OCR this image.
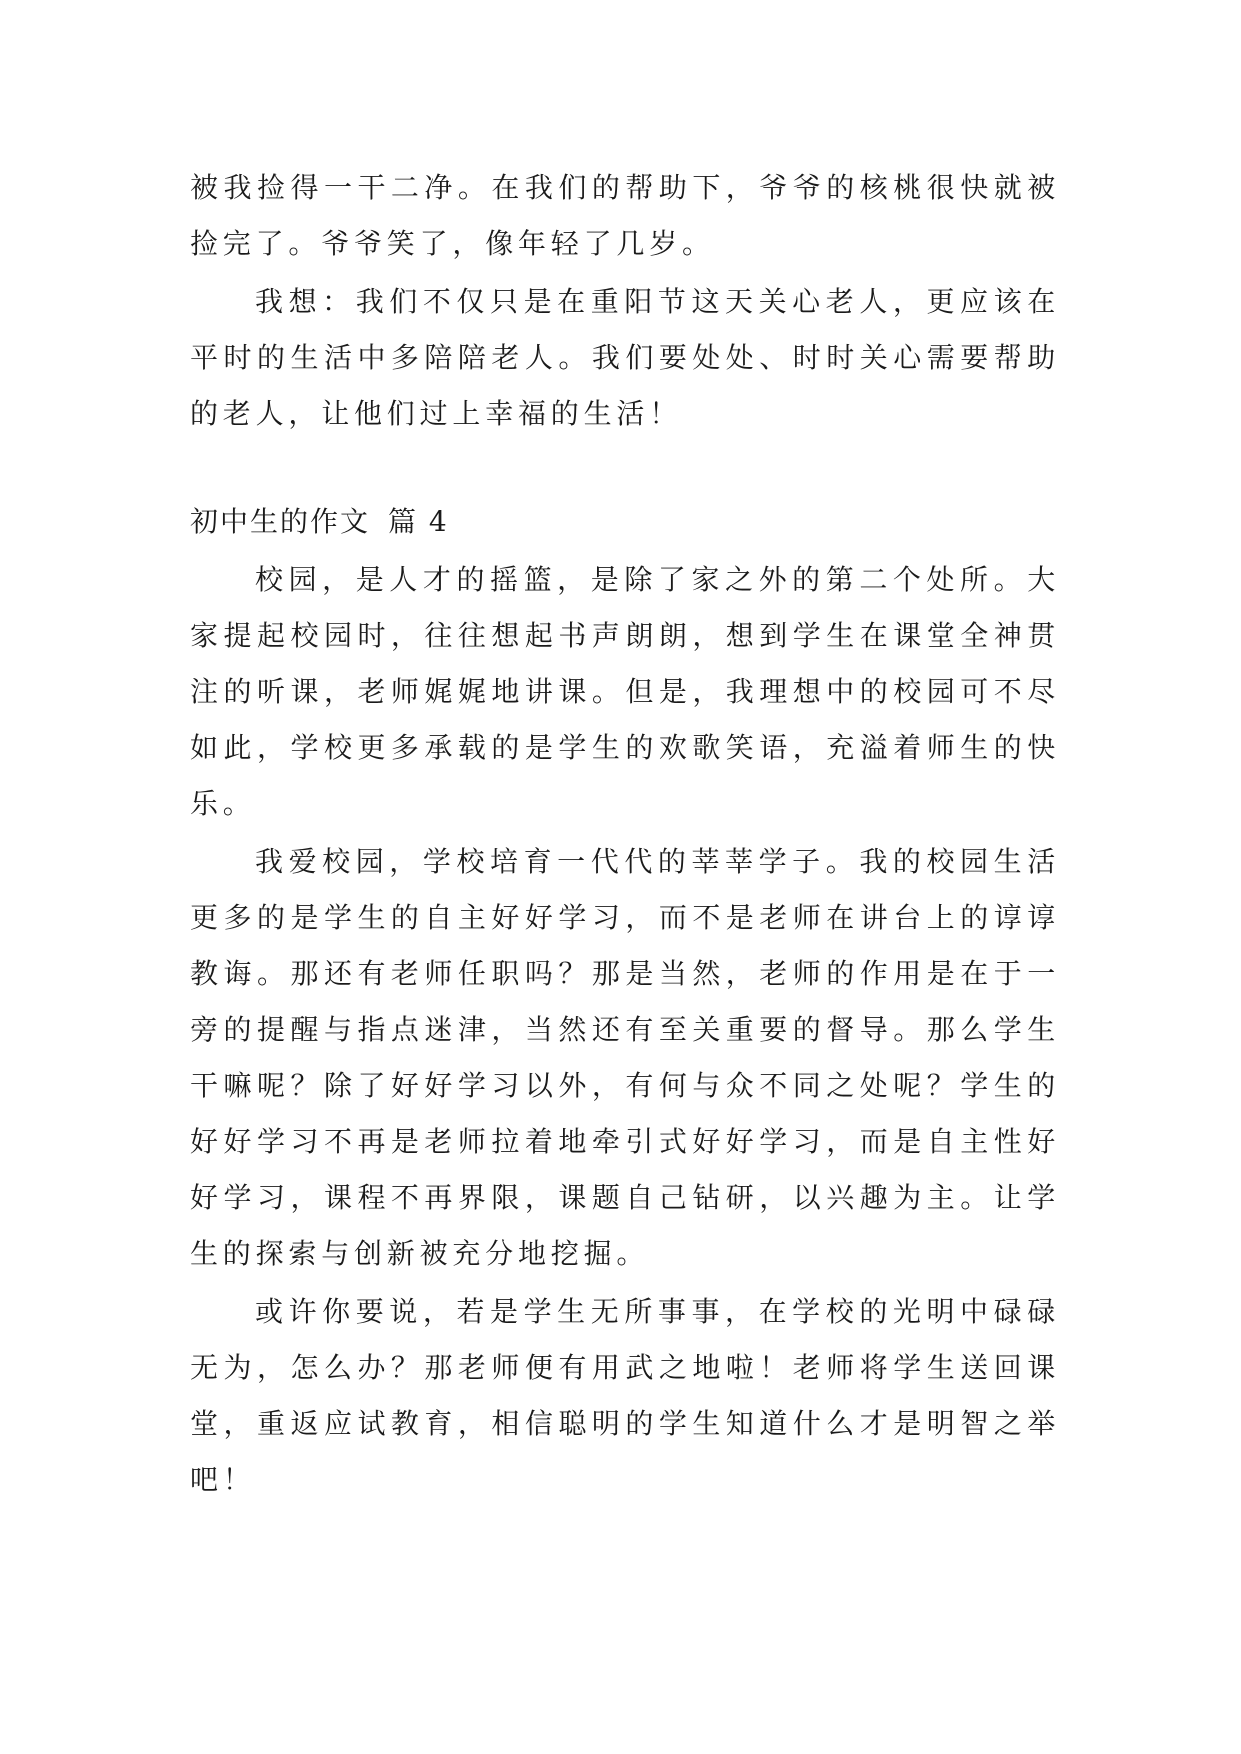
被我捡得一干二净。在我们的帮助下，爷爷的核桃很快就被捡完了。爷爷笑了，像年轻了几岁。

我想：我们不仅只是在重阳节这天关心老人，更应该在平时的生活中多陪陪老人。我们要处处、时时关心需要帮助的老人，让他们过上幸福的生活！

初中生的作文 篇 4

校园，是人才的摇篮，是除了家之外的第二个处所。大家提起校园时，往往想起书声朗朗，想到学生在课堂全神贯注的听课，老师娓娓地讲课。但是，我理想中的校园可不尽如此，学校更多承载的是学生的欢歌笑语，充溢着师生的快乐。

我爱校园，学校培育一代代的莘莘学子。我的校园生活更多的是学生的自主好好学习，而不是老师在讲台上的谆谆教诲。那还有老师任职吗？那是当然，老师的作用是在于一旁的提醒与指点迷津，当然还有至关重要的督导。那么学生干嘛呢？除了好好学习以外，有何与众不同之处呢？学生的好好学习不再是老师拉着地牵引式好好学习，而是自主性好好学习，课程不再界限，课题自己钻研，以兴趣为主。让学生的探索与创新被充分地挖掘。

或许你要说，若是学生无所事事，在学校的光明中碌碌无为，怎么办？那老师便有用武之地啦！老师将学生送回课堂，重返应试教育，相信聪明的学生知道什么才是明智之举吧！
